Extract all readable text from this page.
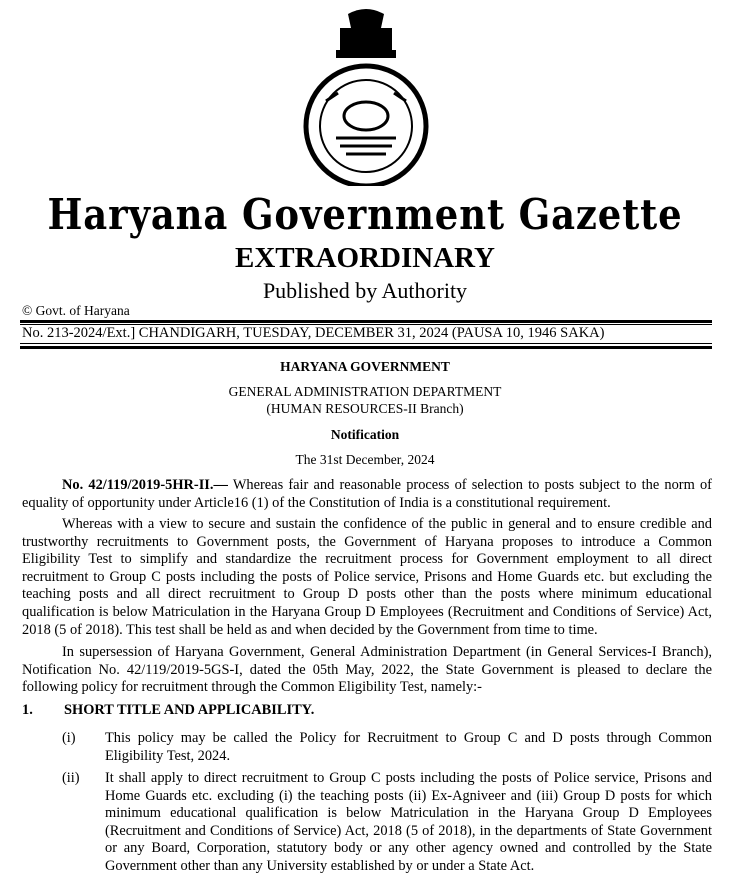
Haryana Government Gazette
EXTRAORDINARY
Published by Authority
© Govt. of Haryana
No. 213-2024/Ext.] CHANDIGARH, TUESDAY, DECEMBER 31, 2024 (PAUSA 10, 1946 SAKA)
HARYANA GOVERNMENT
GENERAL ADMINISTRATION DEPARTMENT
(HUMAN RESOURCES-II Branch)
Notification
The 31st December, 2024

No. 42/119/2019-5HR-II.— Whereas fair and reasonable process of selection to posts subject to the norm of equality of opportunity under Article16 (1) of the Constitution of India is a constitutional requirement.

Whereas with a view to secure and sustain the confidence of the public in general and to ensure credible and trustworthy recruitments to Government posts, the Government of Haryana proposes to introduce a Common Eligibility Test to simplify and standardize the recruitment process for Government employment to all direct recruitment to Group C posts including the posts of Police service, Prisons and Home Guards etc. but excluding the teaching posts and all direct recruitment to Group D posts other than the posts where minimum educational qualification is below Matriculation in the Haryana Group D Employees (Recruitment and Conditions of Service) Act, 2018 (5 of 2018). This test shall be held as and when decided by the Government from time to time.

In supersession of Haryana Government, General Administration Department (in General Services-I Branch), Notification No. 42/119/2019-5GS-I, dated the 05th May, 2022, the State Government is pleased to declare the following policy for recruitment through the Common Eligibility Test, namely:-

1. SHORT TITLE AND APPLICABILITY.
(i) This policy may be called the Policy for Recruitment to Group C and D posts through Common Eligibility Test, 2024.
(ii) It shall apply to direct recruitment to Group C posts including the posts of Police service, Prisons and Home Guards etc. excluding (i) the teaching posts (ii) Ex-Agniveer and (iii) Group D posts for which minimum educational qualification is below Matriculation in the Haryana Group D Employees (Recruitment and Conditions of Service) Act, 2018 (5 of 2018), in the departments of State Government or any Board, Corporation, statutory body or any other agency owned and controlled by the State Government other than any University established by or under a State Act.
